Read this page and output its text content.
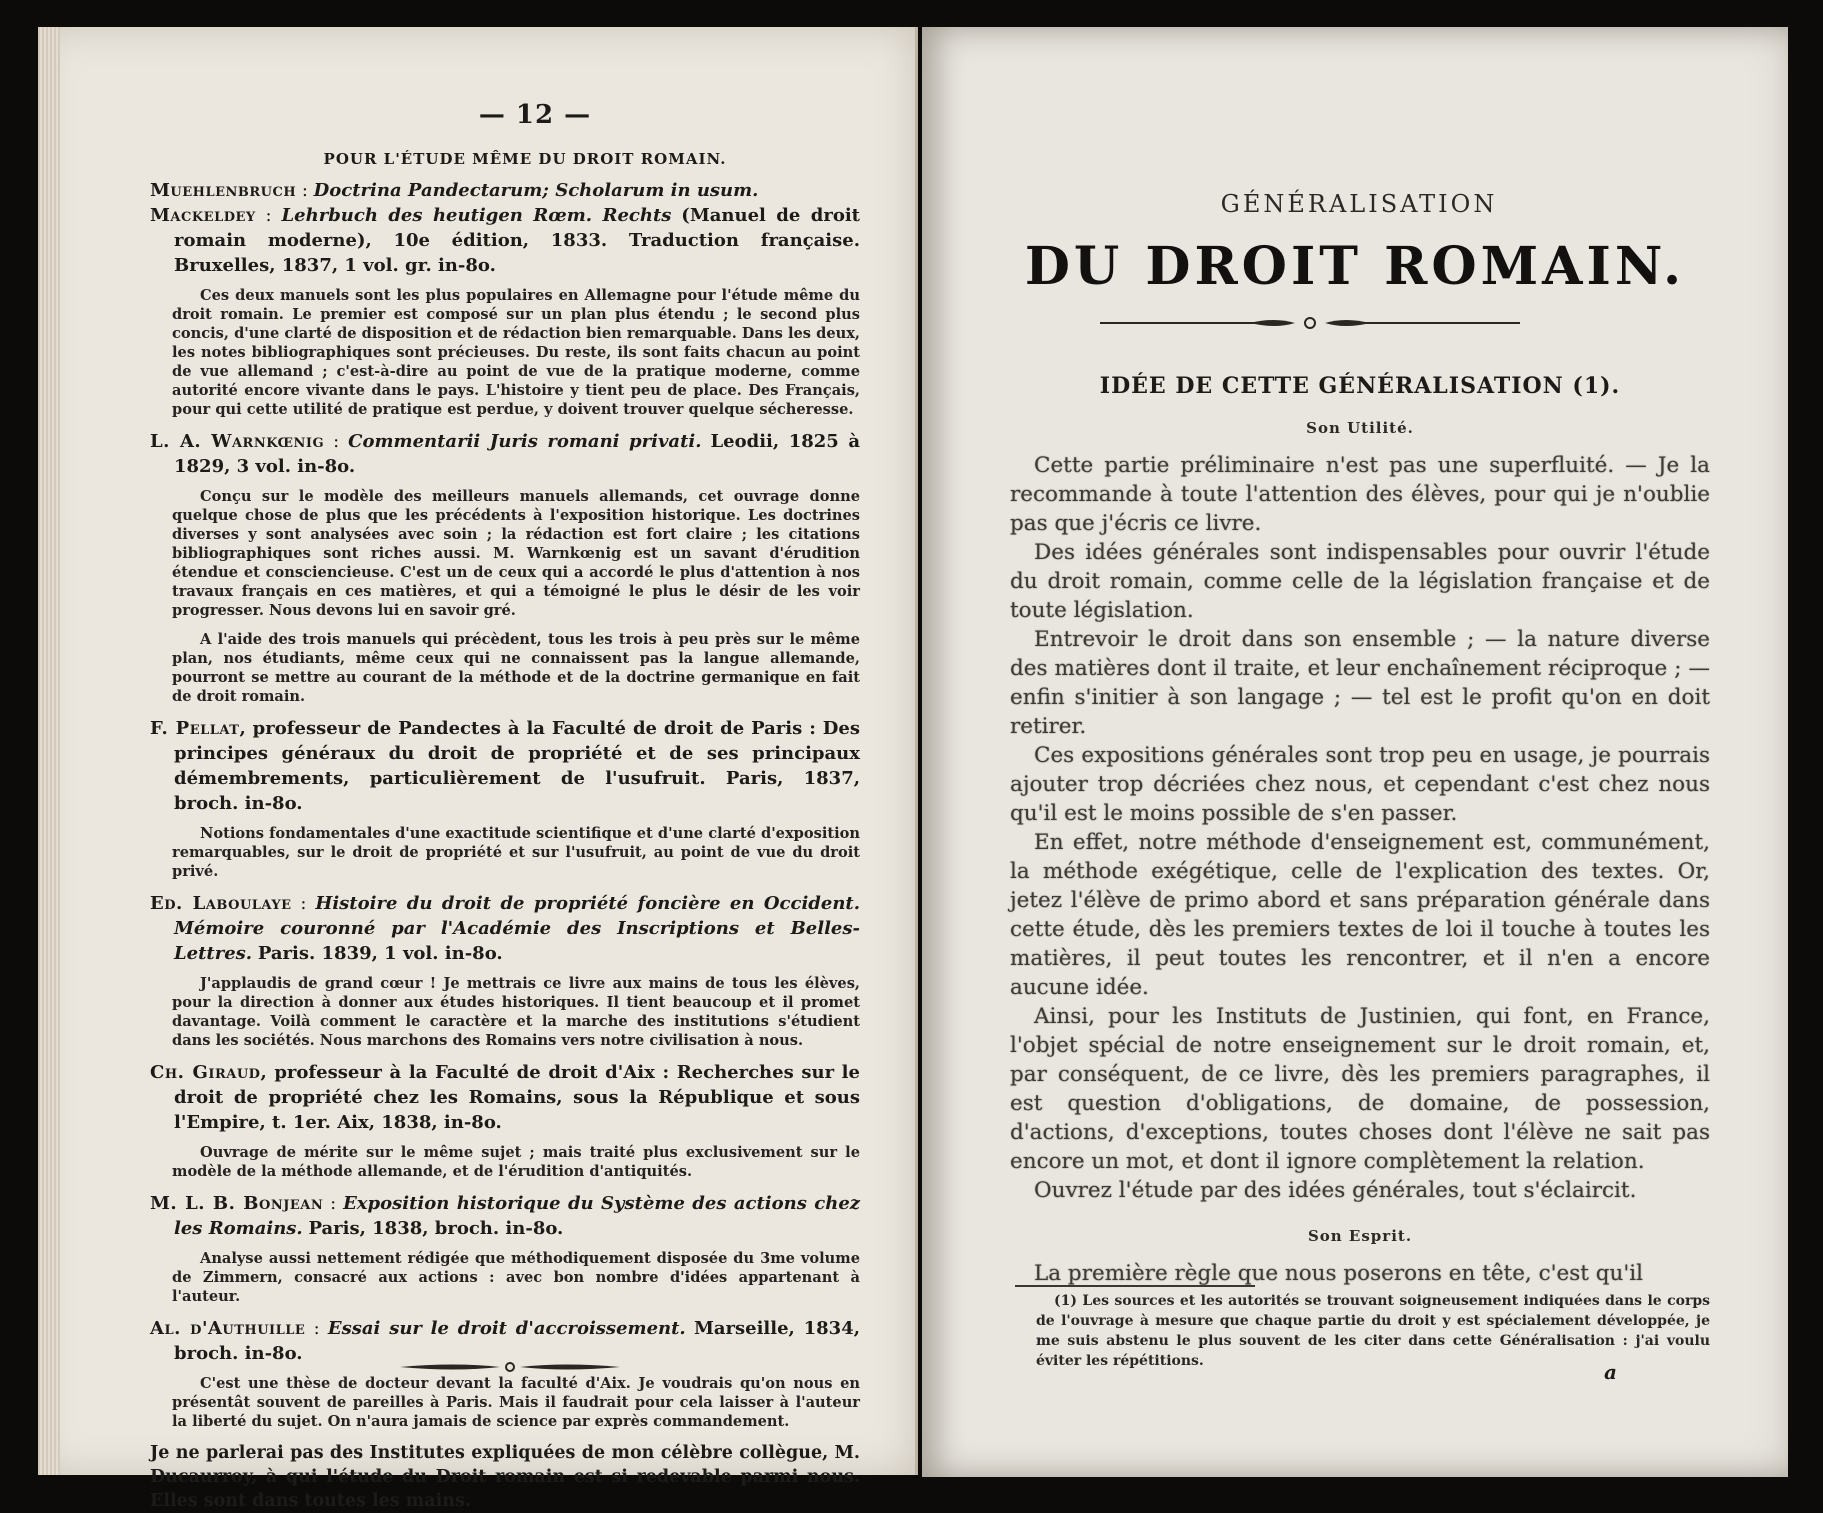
— 12 —
POUR L'ÉTUDE MÊME DU DROIT ROMAIN.

Muehlenbruch : Doctrina Pandectarum; Scholarum in usum.

Mackeldey : Lehrbuch des heutigen Rœm. Rechts (Manuel de droit romain moderne), 10e édition, 1833. Traduction française. Bruxelles, 1837, 1 vol. gr. in-8o.

Ces deux manuels sont les plus populaires en Allemagne pour l'étude même du droit romain. Le premier est composé sur un plan plus étendu ; le second plus concis, d'une clarté de disposition et de rédaction bien remarquable. Dans les deux, les notes bibliographiques sont précieuses. Du reste, ils sont faits chacun au point de vue allemand ; c'est-à-dire au point de vue de la pratique moderne, comme autorité encore vivante dans le pays. L'histoire y tient peu de place. Des Français, pour qui cette utilité de pratique est perdue, y doivent trouver quelque sécheresse.

L. A. Warnkœnig : Commentarii Juris romani privati. Leodii, 1825 à 1829, 3 vol. in-8o.

Conçu sur le modèle des meilleurs manuels allemands, cet ouvrage donne quelque chose de plus que les précédents à l'exposition historique. Les doctrines diverses y sont analysées avec soin ; la rédaction est fort claire ; les citations bibliographiques sont riches aussi. M. Warnkœnig est un savant d'érudition étendue et consciencieuse. C'est un de ceux qui a accordé le plus d'attention à nos travaux français en ces matières, et qui a témoigné le plus le désir de les voir progresser. Nous devons lui en savoir gré.

A l'aide des trois manuels qui précèdent, tous les trois à peu près sur le même plan, nos étudiants, même ceux qui ne connaissent pas la langue allemande, pourront se mettre au courant de la méthode et de la doctrine germanique en fait de droit romain.

F. Pellat, professeur de Pandectes à la Faculté de droit de Paris : Des principes généraux du droit de propriété et de ses principaux démembrements, particulièrement de l'usufruit. Paris, 1837, broch. in-8o.

Notions fondamentales d'une exactitude scientifique et d'une clarté d'exposition remarquables, sur le droit de propriété et sur l'usufruit, au point de vue du droit privé.

Ed. Laboulaye : Histoire du droit de propriété foncière en Occident. Mémoire couronné par l'Académie des Inscriptions et Belles-Lettres. Paris. 1839, 1 vol. in-8o.

J'applaudis de grand cœur ! Je mettrais ce livre aux mains de tous les élèves, pour la direction à donner aux études historiques. Il tient beaucoup et il promet davantage. Voilà comment le caractère et la marche des institutions s'étudient dans les sociétés. Nous marchons des Romains vers notre civilisation à nous.

Ch. Giraud, professeur à la Faculté de droit d'Aix : Recherches sur le droit de propriété chez les Romains, sous la République et sous l'Empire, t. 1er. Aix, 1838, in-8o.

Ouvrage de mérite sur le même sujet ; mais traité plus exclusivement sur le modèle de la méthode allemande, et de l'érudition d'antiquités.

M. L. B. Bonjean : Exposition historique du Système des actions chez les Romains. Paris, 1838, broch. in-8o.

Analyse aussi nettement rédigée que méthodiquement disposée du 3me volume de Zimmern, consacré aux actions : avec bon nombre d'idées appartenant à l'auteur.

Al. d'Authuille : Essai sur le droit d'accroissement. Marseille, 1834, broch. in-8o.

C'est une thèse de docteur devant la faculté d'Aix. Je voudrais qu'on nous en présentât souvent de pareilles à Paris. Mais il faudrait pour cela laisser à l'auteur la liberté du sujet. On n'aura jamais de science par exprès commandement.

Je ne parlerai pas des Institutes expliquées de mon célèbre collègue, M. Ducaurroy, à qui l'étude du Droit romain est si redevable parmi nous. Elles sont dans toutes les mains.

GÉNÉRALISATION
DU DROIT ROMAIN.
IDÉE DE CETTE GÉNÉRALISATION (1).
Son Utilité.

Cette partie préliminaire n'est pas une superfluité. — Je la recommande à toute l'attention des élèves, pour qui je n'oublie pas que j'écris ce livre.

Des idées générales sont indispensables pour ouvrir l'étude du droit romain, comme celle de la législation française et de toute législation.

Entrevoir le droit dans son ensemble ; — la nature diverse des matières dont il traite, et leur enchaînement réciproque ; — enfin s'initier à son langage ; — tel est le profit qu'on en doit retirer.

Ces expositions générales sont trop peu en usage, je pourrais ajouter trop décriées chez nous, et cependant c'est chez nous qu'il est le moins possible de s'en passer.

En effet, notre méthode d'enseignement est, communément, la méthode exégétique, celle de l'explication des textes. Or, jetez l'élève de primo abord et sans préparation générale dans cette étude, dès les premiers textes de loi il touche à toutes les matières, il peut toutes les rencontrer, et il n'en a encore aucune idée.

Ainsi, pour les Instituts de Justinien, qui font, en France, l'objet spécial de notre enseignement sur le droit romain, et, par conséquent, de ce livre, dès les premiers paragraphes, il est question d'obligations, de domaine, de possession, d'actions, d'exceptions, toutes choses dont l'élève ne sait pas encore un mot, et dont il ignore complètement la relation.

Ouvrez l'étude par des idées générales, tout s'éclaircit.

Son Esprit.

La première règle que nous poserons en tête, c'est qu'il

(1) Les sources et les autorités se trouvant soigneusement indiquées dans le corps de l'ouvrage à mesure que chaque partie du droit y est spécialement développée, je me suis abstenu le plus souvent de les citer dans cette Généralisation : j'ai voulu éviter les répétitions.	a
